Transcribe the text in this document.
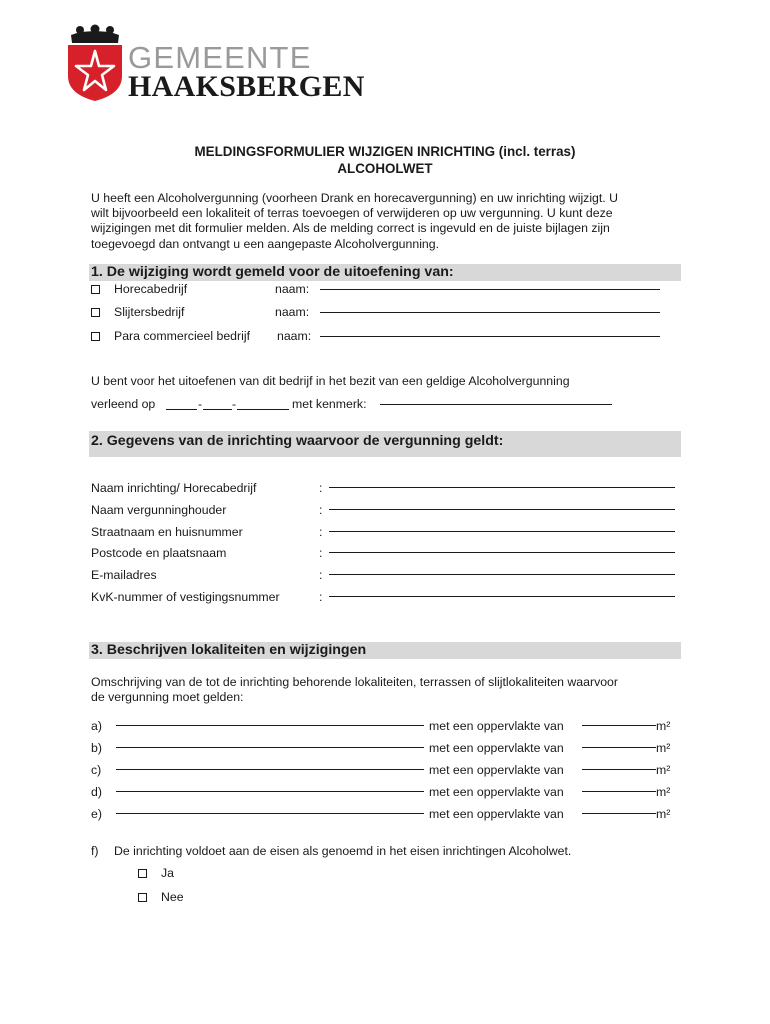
GEMEENTE
HAAKSBERGEN
MELDINGSFORMULIER WIJZIGEN INRICHTING (incl. terras)
ALCOHOLWET
U heeft een Alcoholvergunning (voorheen Drank en horecavergunning) en uw inrichting wijzigt. U
wilt bijvoorbeeld een lokaliteit of terras toevoegen of verwijderen op uw vergunning. U kunt deze
wijzigingen met dit formulier melden. Als de melding correct is ingevuld en de juiste bijlagen zijn
toegevoegd dan ontvangt u een aangepaste Alcoholvergunning.
1. De wijziging wordt gemeld voor de uitoefening van:
Horecabedrijf	naam:
Slijtersbedrijf	naam:
Para commercieel bedrijf naam:
U bent voor het uitoefenen van dit bedrijf in het bezit van een geldige Alcoholvergunning
verleend op	- -	met kenmerk:
2. Gegevens van de inrichting waarvoor de vergunning geldt:
Naam inrichting/ Horecabedrijf	:
Naam vergunninghouder	:
Straatnaam en huisnummer	:
Postcode en plaatsnaam	:
E-mailadres	:
KvK-nummer of vestigingsnummer	:
3. Beschrijven lokaliteiten en wijzigingen
Omschrijving van de tot de inrichting behorende lokaliteiten, terrassen of slijtlokaliteiten waarvoor
de vergunning moet gelden:
a)	met een oppervlakte van	m²
b)	met een oppervlakte van	m²
c)	met een oppervlakte van	m²
d)	met een oppervlakte van	m²
e)	met een oppervlakte van	m²
f) De inrichting voldoet aan de eisen als genoemd in het eisen inrichtingen Alcoholwet.
Ja
Nee
